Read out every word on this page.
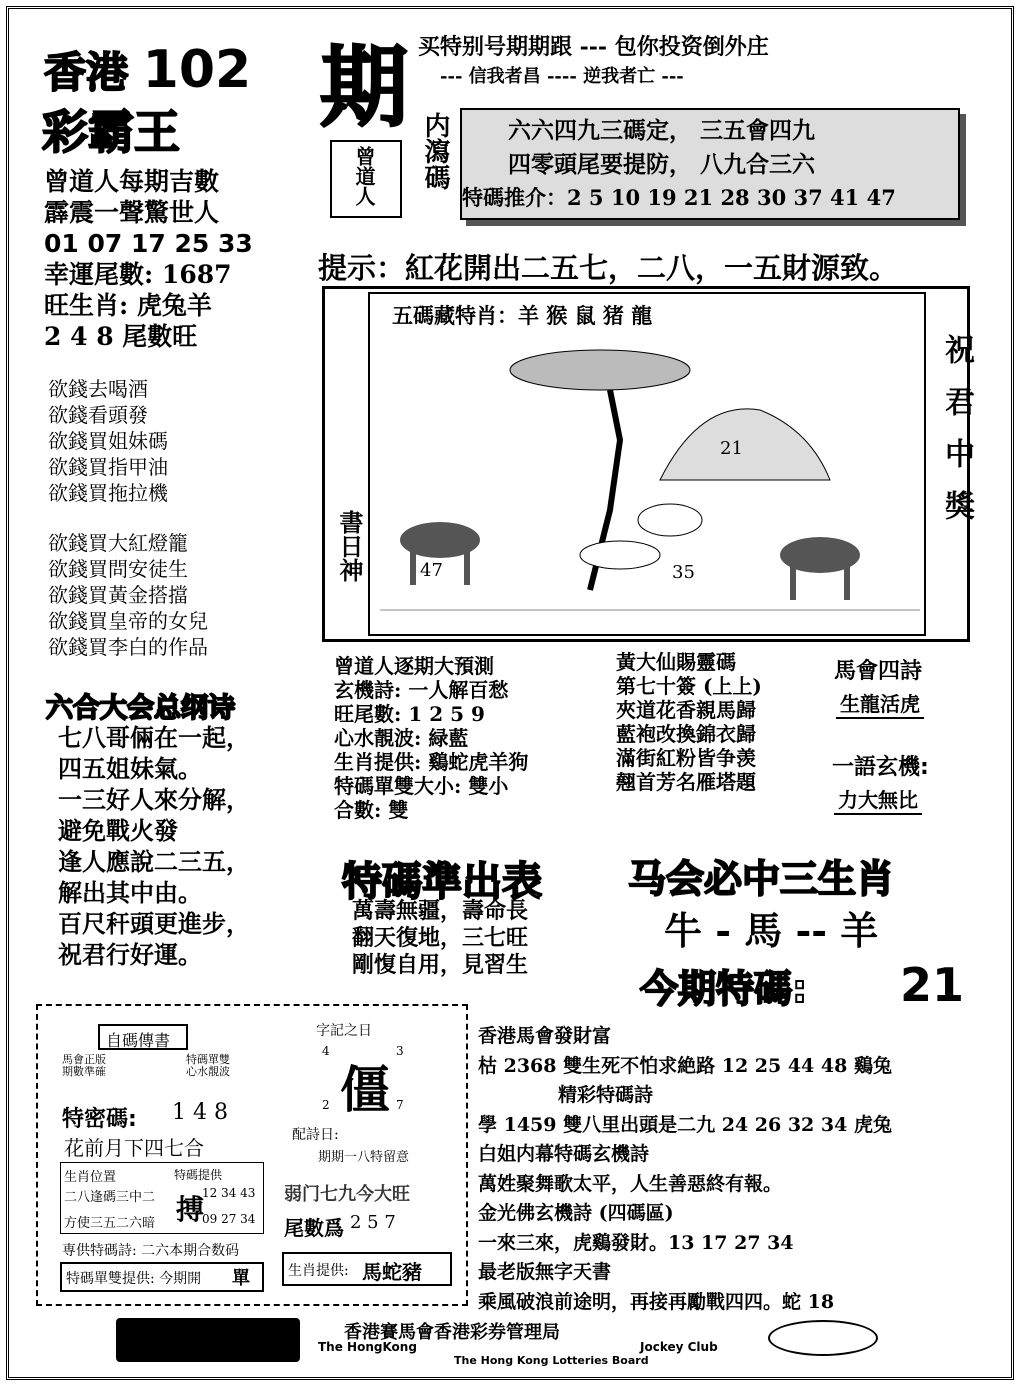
香港 102 期
彩霸王
买特别号期期跟 --- 包你投资倒外庄
--- 信我者昌 ---- 逆我者亡 ---
内瀉碼
曾道人
六六四九三碼定， 三五會四九
四零頭尾要提防， 八九合三六
特碼推介：2 5 10 19 21 28 30 37 41 47
提示：紅花開出二五七，二八，一五財源致。
曾道人每期吉數
霹震一聲驚世人
01 07 17 25 33
幸運尾數: 1687
旺生肖: 虎兔羊
2 4 8 尾數旺
欲錢去喝酒
欲錢看頭發
欲錢買姐妹碼
欲錢買指甲油
欲錢買拖拉機
欲錢買大紅燈籠
欲錢買問安徒生
欲錢買黃金搭擋
欲錢買皇帝的女兒
欲錢買李白的作品
六合大会总纲诗
七八哥倆在一起，
四五姐妹氣。
一三好人來分解，
避免戰火發
逢人應說二三五，
解出其中由。
百尺秆頭更進步，
祝君行好運。
五碼藏特肖：羊 猴 鼠 猪 龍
書日神
祝君中獎
21
47	35
曾道人逐期大預測
玄機詩: 一人解百愁
旺尾數: 1 2 5 9
心水靚波: 緑藍
生肖提供: 鷄蛇虎羊狗
特碼單雙大小: 雙小
合數: 雙
黃大仙賜靈碼
第七十簽 (上上)
夾道花香親馬歸
藍袍改換錦衣歸
滿街紅粉皆争羡
翹首芳名雁塔題
馬會四詩
生龍活虎
一語玄機:
力大無比
特碼準出表
萬壽無疆，壽命長
翻天復地，三七旺
剛愎自用，見習生
马会必中三生肖
牛 - 馬 -- 羊
今期特碼: 21
自碼傳書
馬會正版 期數準確
特碼單雙 心水靚波
特密碼: 1 4 8
花前月下四七合
生肖位置
二八逢碼三中二
方使三五二六暗
特碼提供
搏
12 34 43
09 27 34
専供特碼詩: 二六本期合数码
特碼單雙提供: 今期開 單
字記之日
4	3
僵
2	7
配詩日:
期期一八特留意
弱门七九今大旺
尾數爲 2 5 7
生肖提供: 馬蛇豬
香港馬會發財富
枯 2368 雙生死不怕求絶路 12 25 44 48 鷄兔
精彩特碼詩
學 1459 雙八里出頭是二九 24 26 32 34 虎兔
白姐内幕特碼玄機詩
萬姓聚舞歌太平，人生善惡終有報。
金光佛玄機詩 (四碼區)
一來三來，虎鷄發財。13 17 27 34
最老版無字天書
乘風破浪前途明，再接再勵戰四四。蛇 18
香港賽馬會香港彩券管理局
The HongKong	Jockey Club
The Hong Kong Lotteries Board
